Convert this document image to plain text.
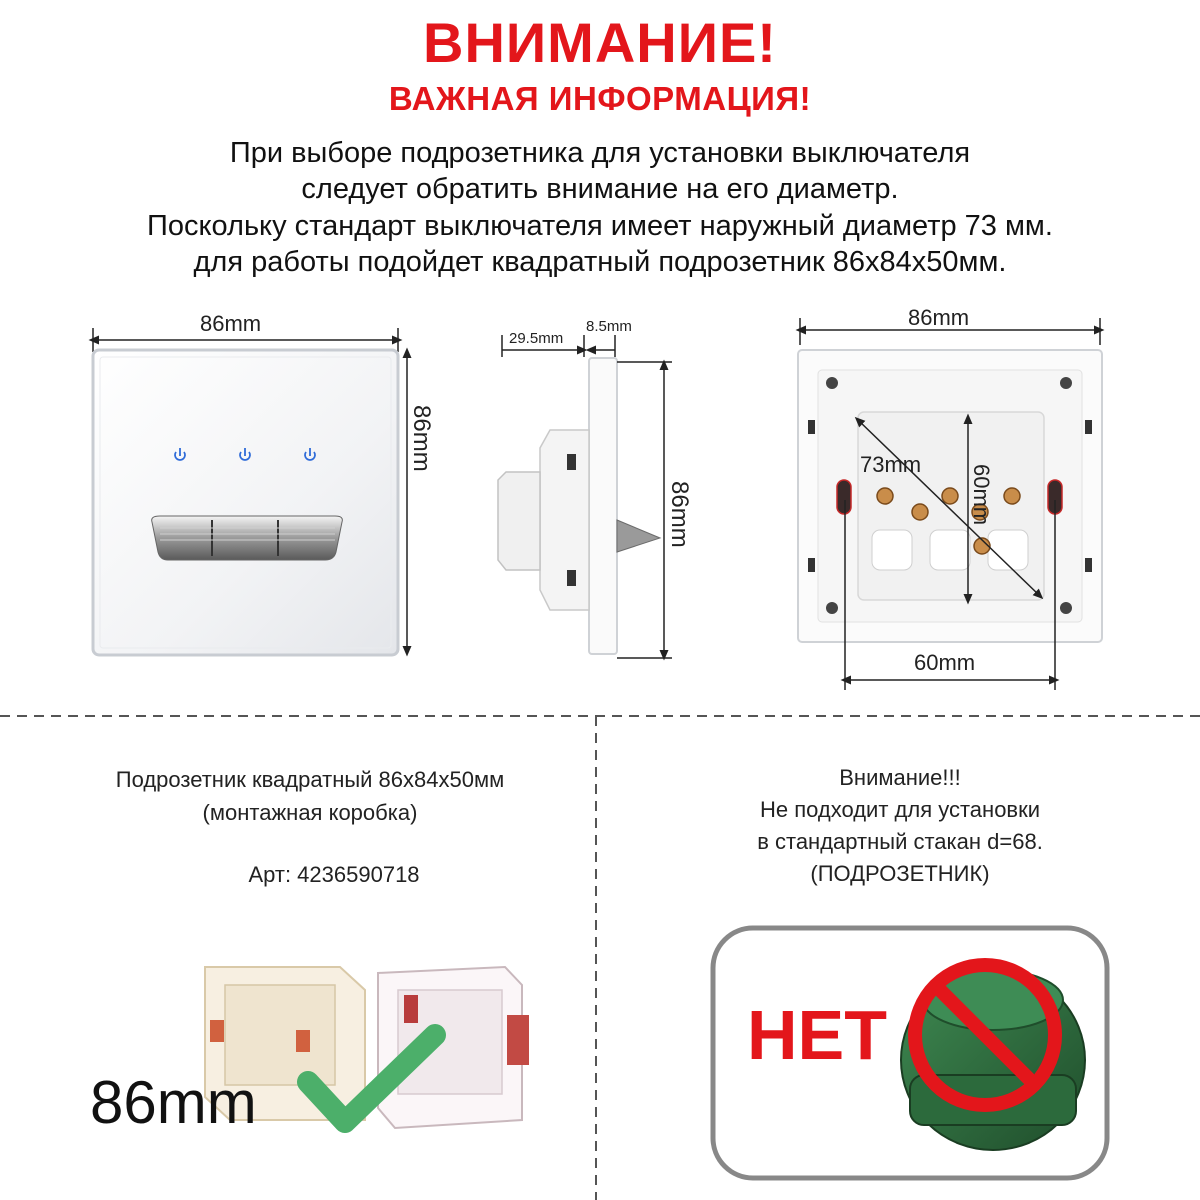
ВНИМАНИЕ!
ВАЖНАЯ ИНФОРМАЦИЯ!
При выборе подрозетника для установки выключателя
следует обратить внимание на его диаметр.
Поскольку стандарт выключателя имеет наружный диаметр 73 мм.
для работы подойдет квадратный подрозетник 86х84х50мм.
86mm
86mm
29.5mm
8.5mm
86mm
86mm
73mm 60mm
60mm
Подрозетник квадратный 86х84х50мм
(монтажная коробка)
Арт: 4236590718
86mm
Внимание!!!
Не подходит для установки
в стандартный стакан d=68.
(ПОДРОЗЕТНИК)
НЕТ
